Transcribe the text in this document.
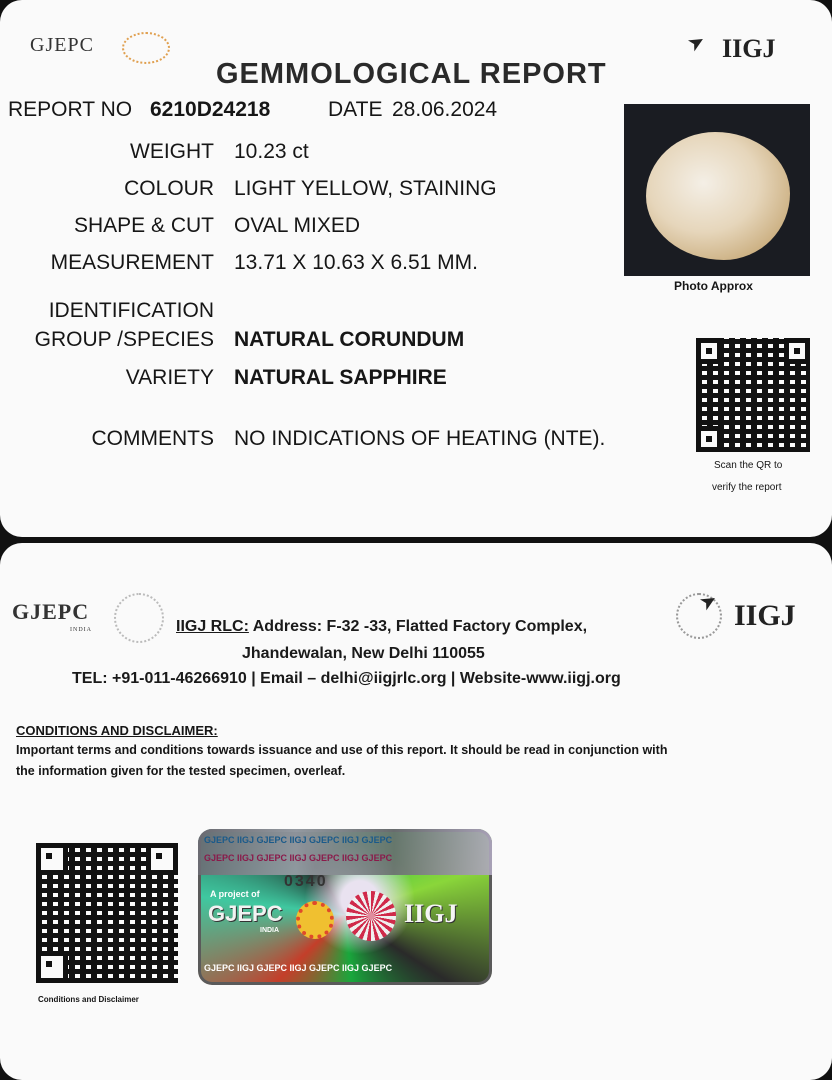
GJEPC	➤ IIGJ
GEMMOLOGICAL REPORT
REPORT NO 6210D24218	DATE 28.06.2024
WEIGHT 10.23 ct
COLOUR LIGHT YELLOW, STAINING
SHAPE & CUT OVAL MIXED
MEASUREMENT 13.71 X 10.63 X 6.51 MM.
IDENTIFICATION
GROUP /SPECIES NATURAL CORUNDUM
VARIETY NATURAL SAPPHIRE
COMMENTS NO INDICATIONS OF HEATING (NTE).
Photo Approx
Scan the QR to
verify the report
GJEPC
INDIA
➤ IIGJ
IIGJ RLC: Address: F-32 -33, Flatted Factory Complex,
Jhandewalan, New Delhi 110055
TEL: +91-011-46266910 | Email – delhi@iigjrlc.org | Website-www.iigj.org
CONDITIONS AND DISCLAIMER:
Important terms and conditions towards issuance and use of this report. It should be read in conjunction with
the information given for the tested specimen, overleaf.
Conditions and Disclaimer
GJEPC IIGJ GJEPC IIGJ GJEPC IIGJ GJEPC
GJEPC IIGJ GJEPC IIGJ GJEPC IIGJ GJEPC
0340
A project of
GJEPC
INDIA
IIGJ
GJEPC IIGJ GJEPC IIGJ GJEPC IIGJ GJEPC
